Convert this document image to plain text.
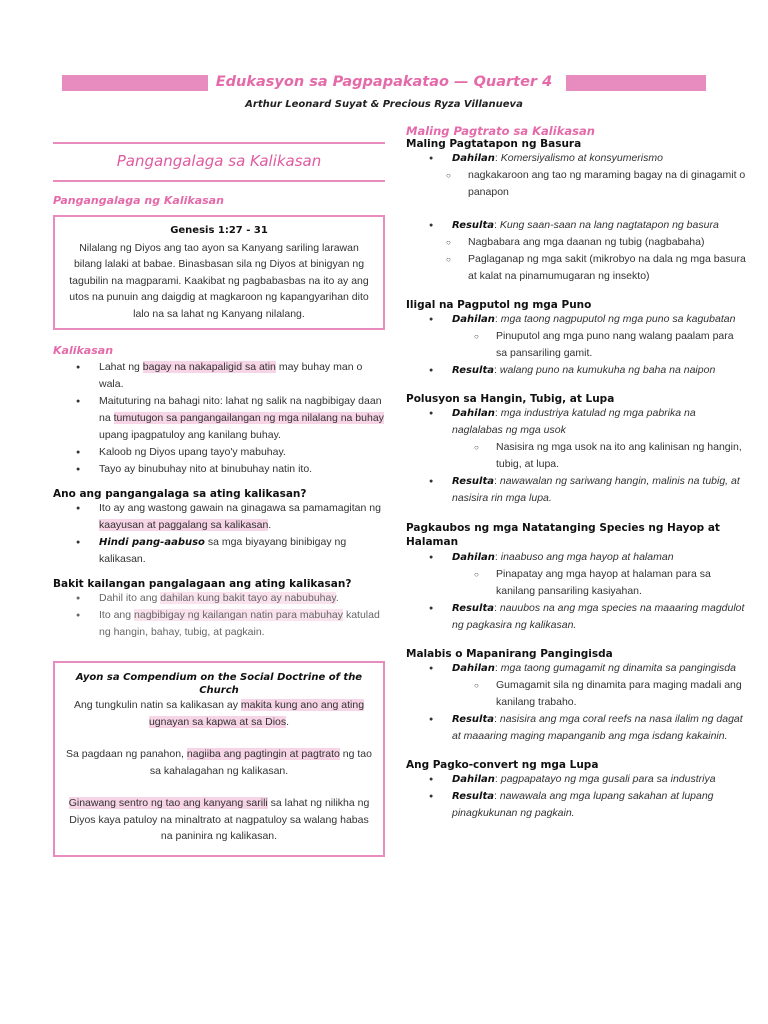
Edukasyon sa Pagpapakatao — Quarter 4
Arthur Leonard Suyat & Precious Ryza Villanueva
Pangangalaga sa Kalikasan
Pangangalaga ng Kalikasan
Genesis 1:27 - 31
Nilalang ng Diyos ang tao ayon sa Kanyang sariling larawan bilang lalaki at babae. Binasbasan sila ng Diyos at binigyan ng tagubilin na magparami. Kaakibat ng pagbabasbas na ito ay ang utos na punuin ang daigdig at magkaroon ng kapangyarihan dito lalo na sa lahat ng Kanyang nilalang.
Kalikasan
● Lahat ng bagay na nakapaligid sa atin may buhay man o wala.
● Maituturing na bahagi nito: lahat ng salik na nagbibigay daan na tumutugon sa pangangailangan ng mga nilalang na buhay upang ipagpatuloy ang kanilang buhay.
● Kaloob ng Diyos upang tayo'y mabuhay.
● Tayo ay binubuhay nito at binubuhay natin ito.
Ano ang pangangalaga sa ating kalikasan?
● Ito ay ang wastong gawain na ginagawa sa pamamagitan ng kaayusan at paggalang sa kalikasan.
● Hindi pang-aabuso sa mga biyayang binibigay ng kalikasan.
Bakit kailangan pangalagaan ang ating kalikasan?
● Dahil ito ang dahilan kung bakit tayo ay nabubuhay.
● Ito ang nagbibigay ng kailangan natin para mabuhay katulad ng hangin, bahay, tubig, at pagkain.
Ayon sa Compendium on the Social Doctrine of the Church
Ang tungkulin natin sa kalikasan ay makita kung ano ang ating ugnayan sa kapwa at sa Dios.
Sa pagdaan ng panahon, nagiiba ang pagtingin at pagtrato ng tao sa kahalagahan ng kalikasan.
Ginawang sentro ng tao ang kanyang sarili sa lahat ng nilikha ng Diyos kaya patuloy na minaltrato at nagpatuloy sa walang habas na paninira ng kalikasan.
Maling Pagtrato sa Kalikasan
Maling Pagtatapon ng Basura
● Dahilan: Komersiyalismo at konsyumerismo
○ nagkakaroon ang tao ng maraming bagay na di ginagamit o panapon
● Resulta: Kung saan-saan na lang nagtatapon ng basura
○ Nagbabara ang mga daanan ng tubig (nagbabaha)
○ Paglaganap ng mga sakit (mikrobyo na dala ng mga basura at kalat na pinamumugaran ng insekto)
Iligal na Pagputol ng mga Puno
● Dahilan: mga taong nagpuputol ng mga puno sa kagubatan
○ Pinuputol ang mga puno nang walang paalam para sa pansariling gamit.
● Resulta: walang puno na kumukuha ng baha na naipon
Polusyon sa Hangin, Tubig, at Lupa
● Dahilan: mga industriya katulad ng mga pabrika na naglalabas ng mga usok
○ Nasisira ng mga usok na ito ang kalinisan ng hangin, tubig, at lupa.
● Resulta: nawawalan ng sariwang hangin, malinis na tubig, at nasisira rin mga lupa.
Pagkaubos ng mga Natatanging Species ng Hayop at Halaman
● Dahilan: inaabuso ang mga hayop at halaman
○ Pinapatay ang mga hayop at halaman para sa kanilang pansariling kasiyahan.
● Resulta: nauubos na ang mga species na maaaring magdulot ng pagkasira ng kalikasan.
Malabis o Mapanirang Pangingisda
● Dahilan: mga taong gumagamit ng dinamita sa pangingisda
○ Gumagamit sila ng dinamita para maging madali ang kanilang trabaho.
● Resulta: nasisira ang mga coral reefs na nasa ilalim ng dagat at maaaring maging mapanganib ang mga isdang kakainin.
Ang Pagko-convert ng mga Lupa
● Dahilan: pagpapatayo ng mga gusali para sa industriya
● Resulta: nawawala ang mga lupang sakahan at lupang pinagkukunan ng pagkain.
